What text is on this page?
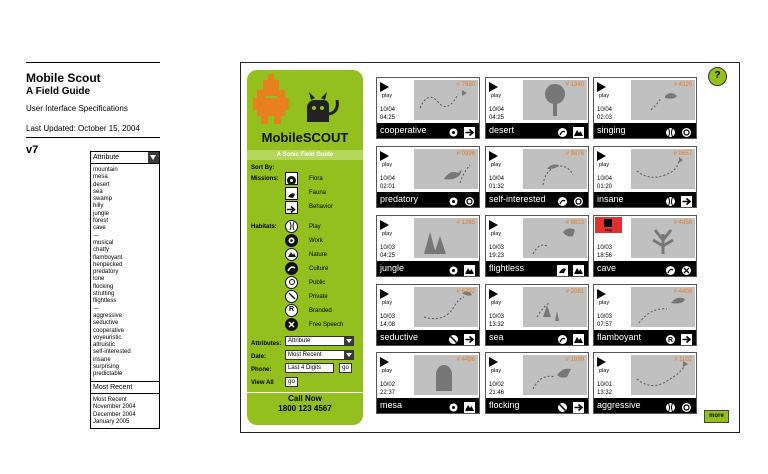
Mobile Scout
A Field Guide
User Interface Specifications
Last Updated: October 15, 2004
v7
Attribute
mountain
mesa
desert
sea
swamp
hilly
jungle
forest
cave
---
musical
chatty
flamboyant
henpecked
predatory
lone
flocking
strutting
flightless
---
aggressive
seductive
cooperative
voyeuristic
altruistic
self-interested
insane
surprising
predictable
Most Recent
Most Recent
November 2004
December 2004
January 2005
?
more
MobileSCOUT
A Sonic Field Guide
Sort By:
Missions:	Flora
Fauna
Behavior
Habitats:	Play
Work
Nature
Culture
Public
Private
R	Branded
Free Speech
Attributes:	Attribute
Date:	Most Recent
Phone:	Last 4 Digits	go
View All	go
Call Now
1800 123 4567
# 7690
play
10/04
04:25
cooperative
# 1340
play
10/04
04:25
desert
# 4326
play
10/04
02:03
singing
# 0996
play
10/04
02:01
predatory
# 9876
play
10/04
01:32
self-interested
# 0657
play
10/04
01:20
insane
# 1285
play
10/03
04:25
jungle
# 9823
play
10/03
19:23
flightless
# 4356
stop
10/03
18:56
cave
# 6792
play
10/03
14:08
seductive
# 2081
play
10/03
13:32
sea
# 4408
play
10/03
07:57
flamboyant	R
# 4496
play
10/02
22:37
mesa
# 1099
play
10/02
21:46
flocking
# 1102
play
10/01
13:32
aggressive
